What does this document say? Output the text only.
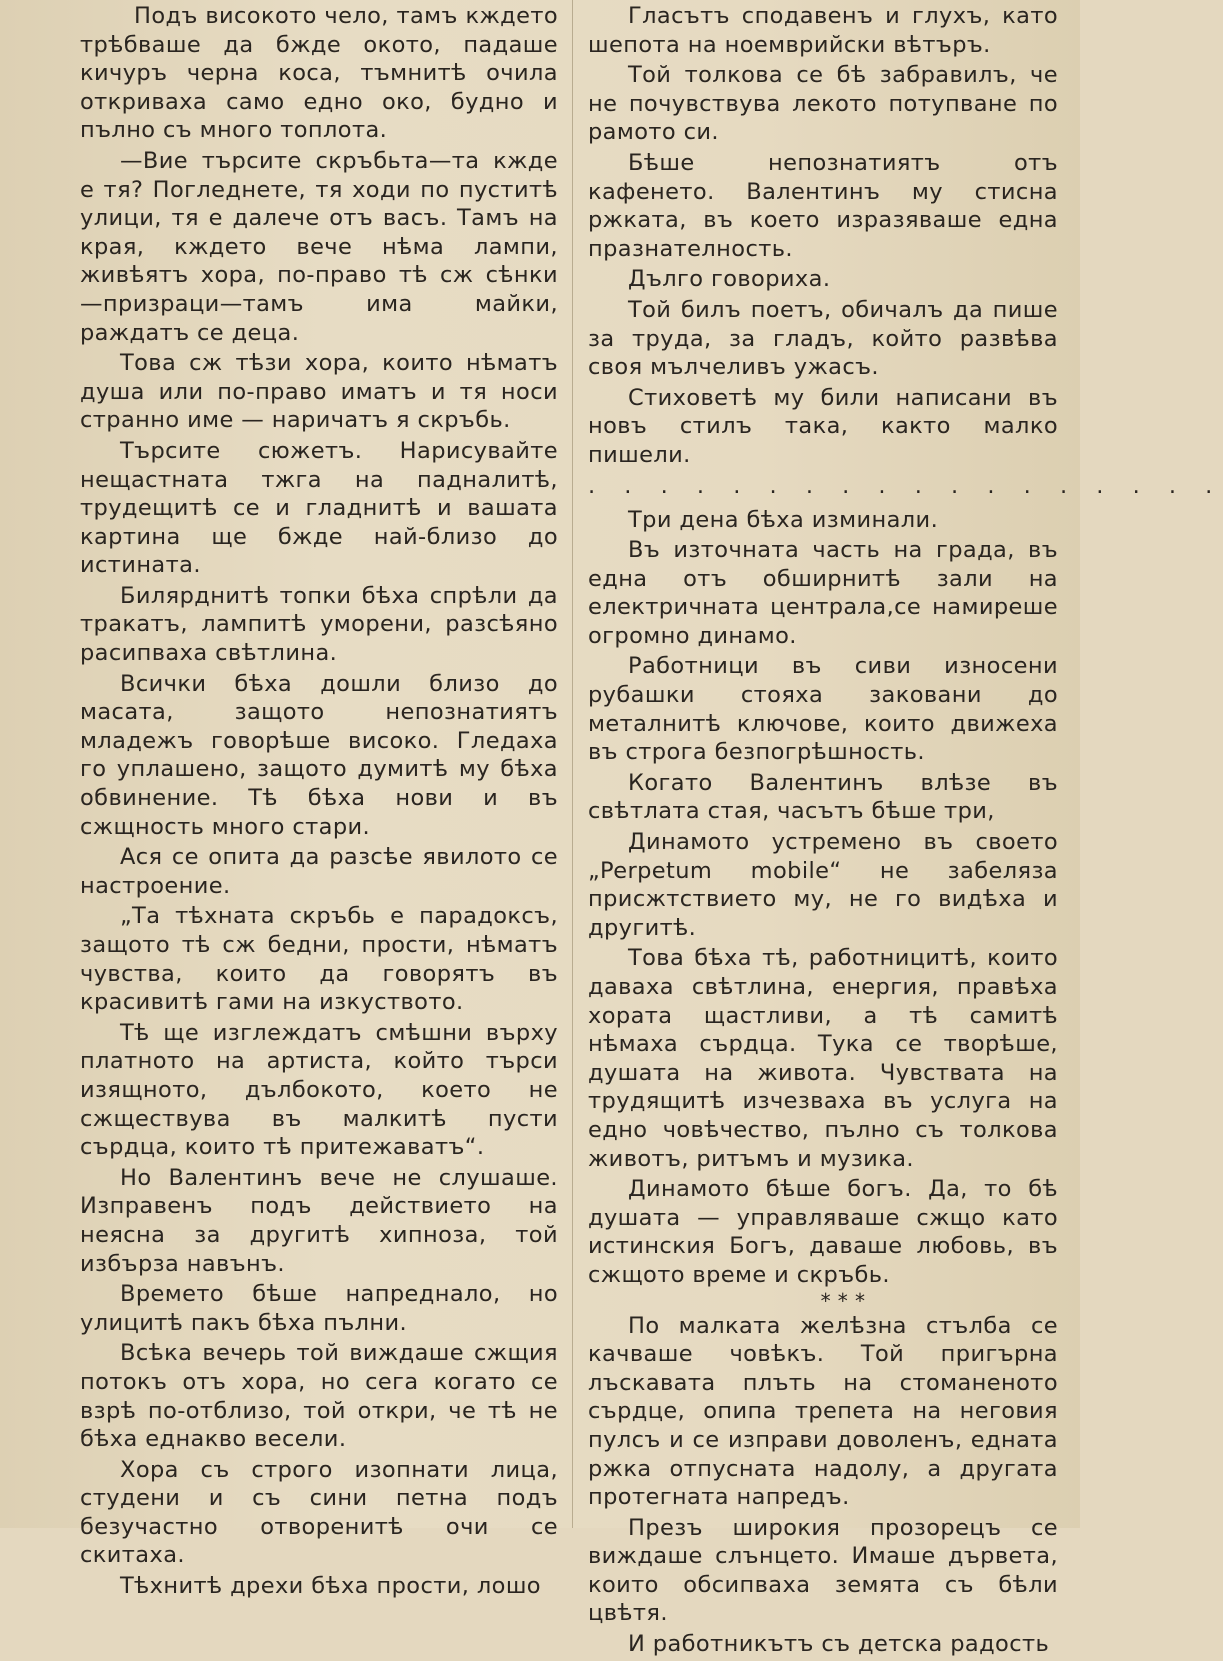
Подъ високото чело, тамъ кждето трѣбваше да бжде окото, падаше кичуръ черна коса, тъмнитѣ очила откриваха само едно око, будно и пълно съ много топлота.

—Вие търсите скръбьта—та кжде е тя? Погледнете, тя ходи по пуститѣ улици, тя е далече отъ васъ. Тамъ на края, кждето вече нѣма лампи, живѣятъ хора, по-право тѣ сж сѣнки—призраци—тамъ има майки, раждатъ се деца.

Това сж тѣзи хора, които нѣматъ душа или по-право иматъ и тя носи странно име — наричатъ я скръбь.

Търсите сюжетъ. Нарисувайте нещастната тжга на падналитѣ, трудещитѣ се и гладнитѣ и вашата картина ще бжде най-близо до истината.

Билярднитѣ топки бѣха спрѣли да тракатъ, лампитѣ уморени, разсѣяно расипваха свѣтлина.

Всички бѣха дошли близо до масата, защото непознатиятъ младежъ говорѣше високо. Гледаха го уплашено, защото думитѣ му бѣха обвинение. Тѣ бѣха нови и въ сжщность много стари.

Ася се опита да разсѣе явилото се настроение.

„Та тѣхната скръбь е парадоксъ, защото тѣ сж бедни, прости, нѣматъ чувства, които да говорятъ въ красивитѣ гами на изкуството.

Тѣ ще изглеждатъ смѣшни върху платното на артиста, който търси изящното, дълбокото, което не сжществува въ малкитѣ пусти сърдца, които тѣ притежаватъ“.

Но Валентинъ вече не слушаше. Изправенъ подъ действието на неясна за другитѣ хипноза, той избърза навънъ.

Времето бѣше напреднало, но улицитѣ пакъ бѣха пълни.

Всѣка вечерь той виждаше сжщия потокъ отъ хора, но сега когато се взрѣ по-отблизо, той откри, че тѣ не бѣха еднакво весели.

Хора съ строго изопнати лица, студени и съ сини петна подъ безучастно отворенитѣ очи се скитаха.

Тѣхнитѣ дрехи бѣха прости, лошо

Гласътъ сподавенъ и глухъ, като шепота на ноемврийски вѣтъръ.

Той толкова се бѣ забравилъ, че не почувствува лекото потупване по рамото си.

Бѣше непознатиятъ отъ кафенето. Валентинъ му стисна ржката, въ което изразяваше една празнателность.

Дълго говориха.

Той билъ поетъ, обичалъ да пише за труда, за гладъ, който развѣва своя мълчеливъ ужасъ.

Стиховетѣ му били написани въ новъ стилъ така, както малко пишели.

. . . . . . . . . . . . . . . . . .

Три дена бѣха изминали.

Въ източната часть на града, въ една отъ обширнитѣ зали на електричната централа,се намиреше огромно динамо.

Работници въ сиви износени рубашки стояха заковани до металнитѣ ключове, които движеха въ строга безпогрѣшность.

Когато Валентинъ влѣзе въ свѣтлата стая, часътъ бѣше три,

Динамото устремено въ своето „Perpetum mobile“ не забеляза присжтствието му, не го видѣха и другитѣ.

Това бѣха тѣ, работницитѣ, които даваха свѣтлина, енергия, правѣха хората щастливи, а тѣ самитѣ нѣмаха сърдца. Тука се творѣше, душата на живота. Чувствата на трудящитѣ изчезваха въ услуга на едно човѣчество, пълно съ толкова животъ, ритъмъ и музика.

Динамото бѣше богъ. Да, то бѣ душата — управляваше сжщо като истинския Богъ, даваше любовь, въ сжщото време и скръбь.

* * *

По малката желѣзна стълба се качваше човѣкъ. Той пригърна лъскавата плъть на стоманеното сърдце, опипа трепета на неговия пулсъ и се изправи доволенъ, едната ржка отпусната надолу, а другата протегната напредъ.

Презъ широкия прозорецъ се виждаше слънцето. Имаше дървета, които обсипваха земята съ бѣли цвѣтя.

И работникътъ съ детска радость
